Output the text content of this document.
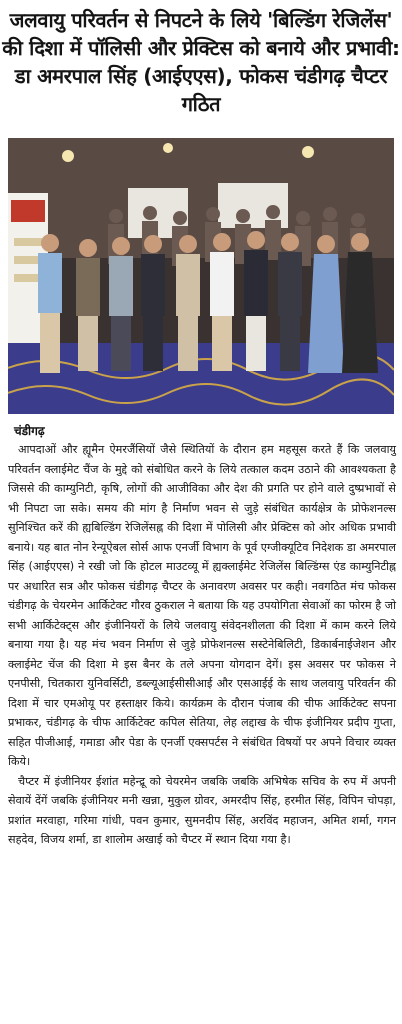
जलवायु परिवर्तन से निपटने के लिये 'बिल्डिंग रेजिलेंस' की दिशा में पॉलिसी और प्रेक्टिस को बनाये और प्रभावी: डा अमरपाल सिंह (आईएएस), फोकस चंडीगढ़ चैप्टर गठित
चंडीगढ़

आपदाओं और ह्यूमैन ऐमरजैंसियों जैसे स्थितियों के दौरान हम महसूस करते हैं कि जलवायु परिवर्तन क्लाईमेट चैंज के मुद्दे को संबोधित करने के लिये तत्काल कदम उठाने की आवश्यकता है जिससे की काम्युनिटी, कृषि, लोगों की आजीविका और देश की प्रगति पर होने वाले दुष्प्रभावों से भी निपटा जा सके। समय की मांग है निर्माण भवन से जुड़े संबंधित कार्यक्षेत्र के प्रोफेशनल्स सुनिश्चित करें की ह्यबिल्डिंग रेजिलेंसह्न की दिशा में पोलिसी और प्रेक्टिस को ओर अधिक प्रभावी बनाये। यह बात नोन रेन्यूऐबल सोर्स आफ एनर्जी विभाग के पूर्व एग्जीक्यूटिव निदेशक डा अमरपाल सिंह (आईएएस) ने रखी जो कि होटल माउटव्यू में ह्यक्लाईमेट रेजिलेंस बिल्डिंग्स एंड काम्युनिटीह्न पर अधारित सत्र और फोकस चंडीगढ़ चैप्टर के अनावरण अवसर पर कही। नवगठित मंच फोकस चंडीगढ़ के चेयरमेन आर्किटेक्ट गौरव ठुकराल ने बताया कि यह उपयोगिता सेवाओं का फोरम है जो सभी आर्किटेक्ट्स और इंजीनियरों के लिये जलवायु संवेदनशीलता की दिशा में काम करने लिये बनाया गया है। यह मंच भवन निर्माण से जुड़े प्रोफेशनल्स सस्टेनेबिलिटी, डिकार्बनाईजेशन और क्लाईमेट चेंज की दिशा मे इस बैनर के तले अपना योगदान देगें। इस अवसर पर फोकस ने एनपीसी, चितकारा युनिवर्सिटी, डब्ल्यूआईसीसीआई और एसआईई के साथ जलवायु परिवर्तन की दिशा में चार एमओयू पर हस्ताक्षर किये। कार्यक्रम के दौरान पंजाब की चीफ आर्किटेक्ट सपना प्रभाकर, चंडीगढ़ के चीफ आर्किटेक्ट कपिल सेतिया, लेह लद्दाख के चीफ इंजीनियर प्रदीप गुप्ता, सहित पीजीआई, गमाडा और पेडा के एनर्जी एक्सपर्टस ने संबंधित विषयों पर अपने विचार व्यक्त किये।

चैप्टर में इंजीनियर ईशांत महेन्द्रू को चेयरमेन जबकि जबकि अभिषेक सचिव के रुप में अपनी सेवायें देंगें जबकि इंजीनियर मनी खन्ना, मुकुल ग्रोवर, अमरदीप सिंह, हरमीत सिंह, विपिन चोपड़ा, प्रशांत मरवाहा, गरिमा गांधी, पवन कुमार, सुमनदीप सिंह, अरविंद महाजन, अमित शर्मा, गगन सहदेव, विजय शर्मा, डा शालोम अखाई को चैप्टर में स्थान दिया गया है।
